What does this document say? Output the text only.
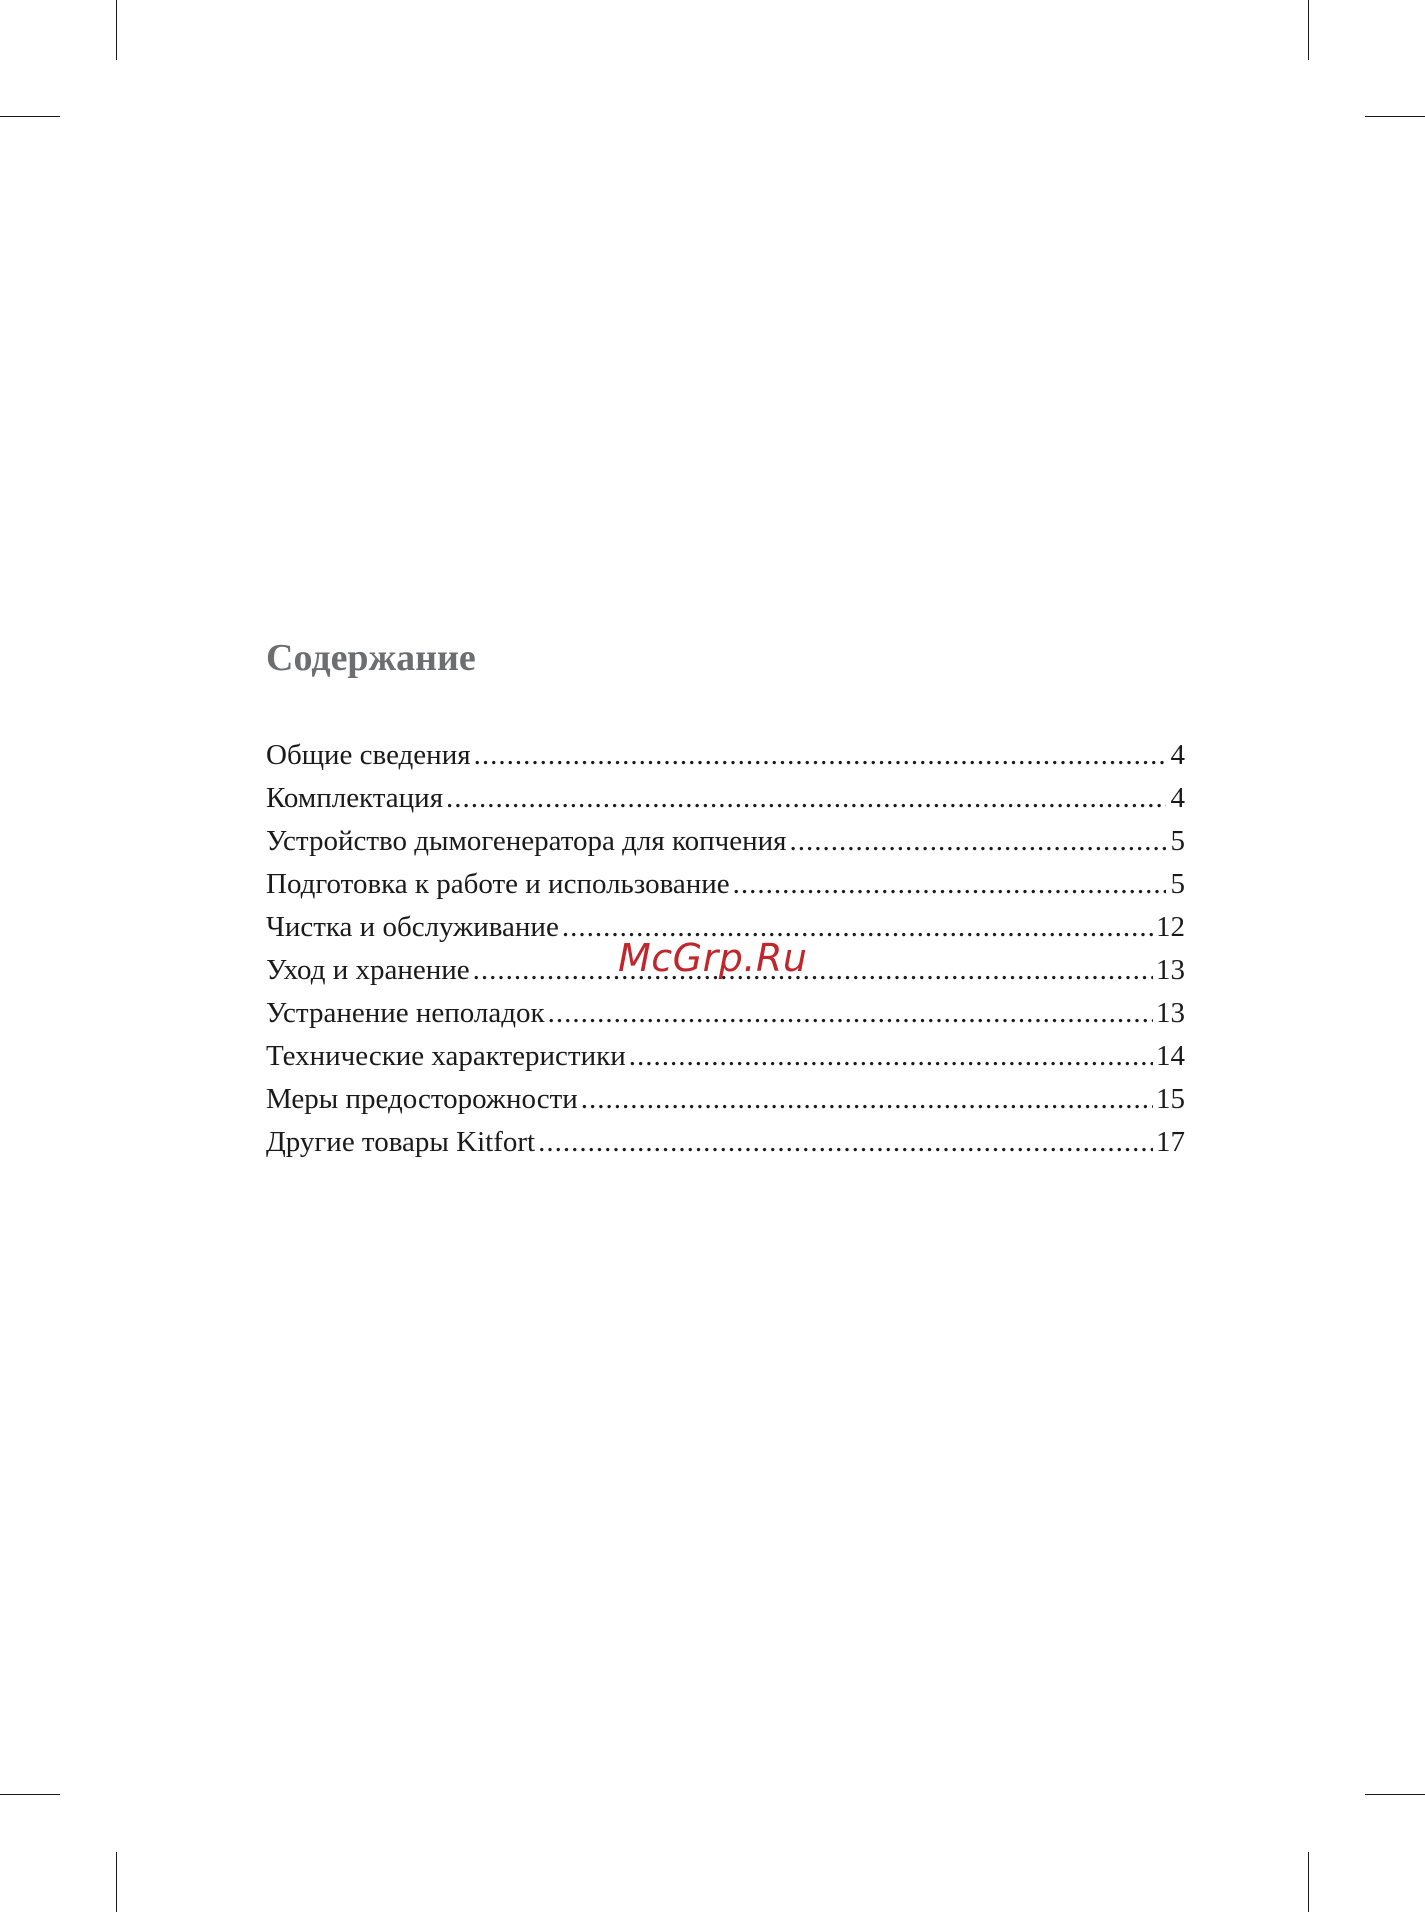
Содержание
Общие сведения .....	4
Комплектация .....	4
Устройство дымогенератора для копчения .....	5
Подготовка к работе и использование .....	5
Чистка и обслуживание .....	12
Уход и хранение .....	13
Устранение неполадок .....	13
Технические характеристики .....	14
Меры предосторожности .....	15
Другие товары Kitfort .....	17
McGrp.Ru
